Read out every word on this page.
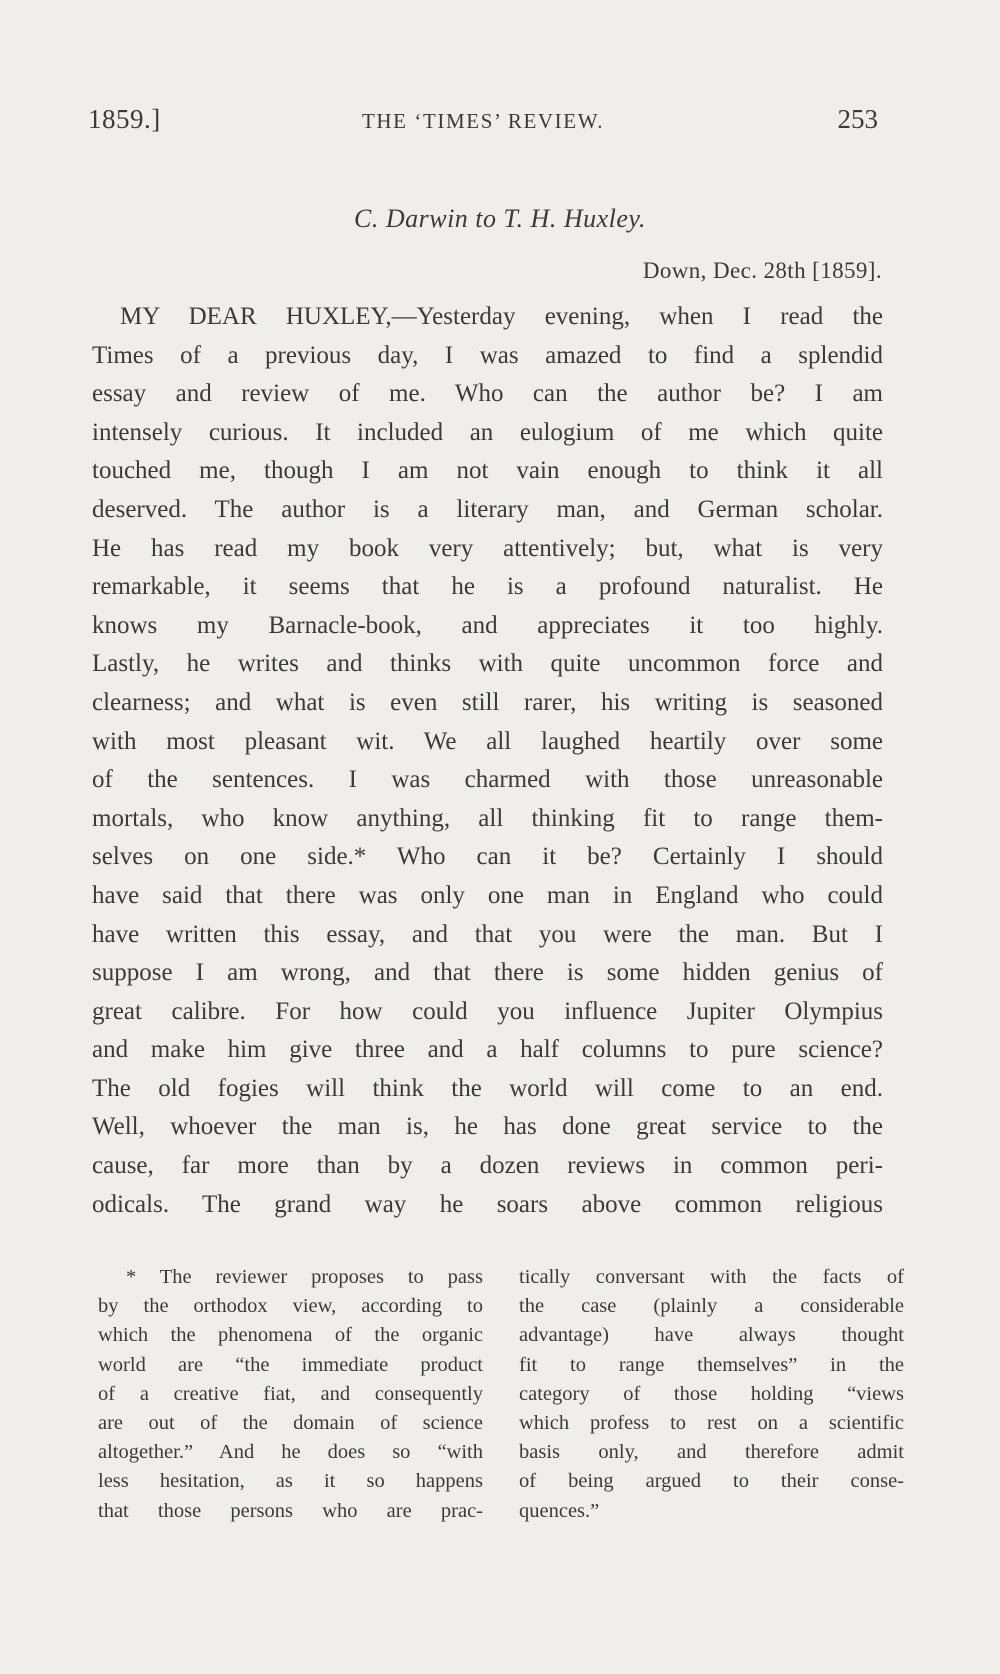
1859.]	THE ‘TIMES’ REVIEW.	253
C. Darwin to T. H. Huxley.
Down, Dec. 28th [1859].
MY DEAR HUXLEY,—Yesterday evening, when I read the
Times of a previous day, I was amazed to find a splendid
essay and review of me. Who can the author be? I am
intensely curious. It included an eulogium of me which quite
touched me, though I am not vain enough to think it all
deserved. The author is a literary man, and German scholar.
He has read my book very attentively; but, what is very
remarkable, it seems that he is a profound naturalist. He
knows my Barnacle-book, and appreciates it too highly.
Lastly, he writes and thinks with quite uncommon force and
clearness; and what is even still rarer, his writing is seasoned
with most pleasant wit. We all laughed heartily over some
of the sentences. I was charmed with those unreasonable
mortals, who know anything, all thinking fit to range them-
selves on one side.* Who can it be? Certainly I should
have said that there was only one man in England who could
have written this essay, and that you were the man. But I
suppose I am wrong, and that there is some hidden genius of
great calibre. For how could you influence Jupiter Olympius
and make him give three and a half columns to pure science?
The old fogies will think the world will come to an end.
Well, whoever the man is, he has done great service to the
cause, far more than by a dozen reviews in common peri-
odicals. The grand way he soars above common religious
* The reviewer proposes to pass
by the orthodox view, according to
which the phenomena of the organic
world are “the immediate product
of a creative fiat, and consequently
are out of the domain of science
altogether.” And he does so “with
less hesitation, as it so happens
that those persons who are prac-
tically conversant with the facts of
the case (plainly a considerable
advantage) have always thought
fit to range themselves” in the
category of those holding “views
which profess to rest on a scientific
basis only, and therefore admit
of being argued to their conse-
quences.”
